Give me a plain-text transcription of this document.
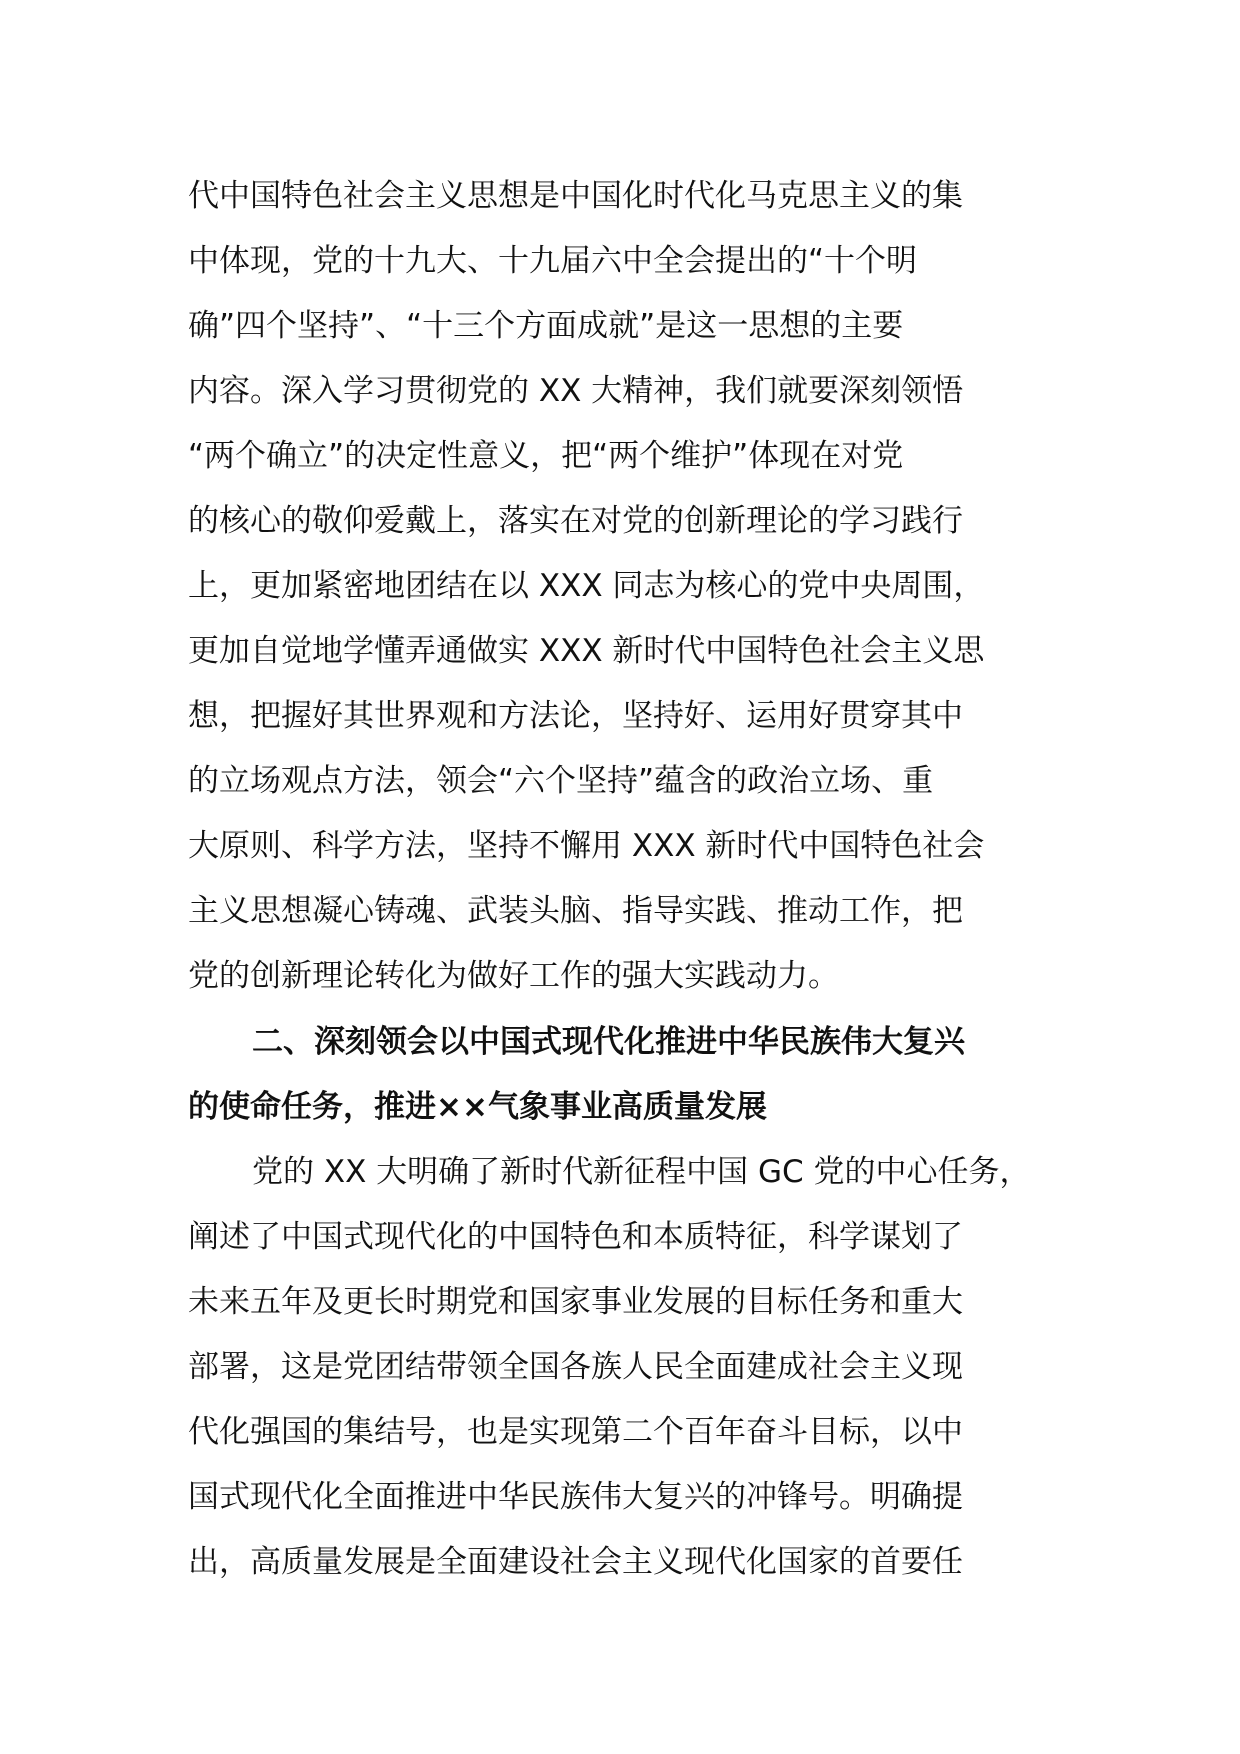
代中国特色社会主义思想是中国化时代化马克思主义的集
中体现，党的十九大、十九届六中全会提出的“十个明
确”四个坚持”、“十三个方面成就”是这一思想的主要
内容。深入学习贯彻党的 XX 大精神，我们就要深刻领悟
“两个确立”的决定性意义，把“两个维护”体现在对党
的核心的敬仰爱戴上，落实在对党的创新理论的学习践行
上，更加紧密地团结在以 XXX 同志为核心的党中央周围，
更加自觉地学懂弄通做实 XXX 新时代中国特色社会主义思
想，把握好其世界观和方法论，坚持好、运用好贯穿其中
的立场观点方法，领会“六个坚持”蕴含的政治立场、重
大原则、科学方法，坚持不懈用 XXX 新时代中国特色社会
主义思想凝心铸魂、武装头脑、指导实践、推动工作，把
党的创新理论转化为做好工作的强大实践动力。
二、深刻领会以中国式现代化推进中华民族伟大复兴
的使命任务，推进××气象事业高质量发展
党的 XX 大明确了新时代新征程中国 GC 党的中心任务，
阐述了中国式现代化的中国特色和本质特征，科学谋划了
未来五年及更长时期党和国家事业发展的目标任务和重大
部署，这是党团结带领全国各族人民全面建成社会主义现
代化强国的集结号，也是实现第二个百年奋斗目标，以中
国式现代化全面推进中华民族伟大复兴的冲锋号。明确提
出，高质量发展是全面建设社会主义现代化国家的首要任
